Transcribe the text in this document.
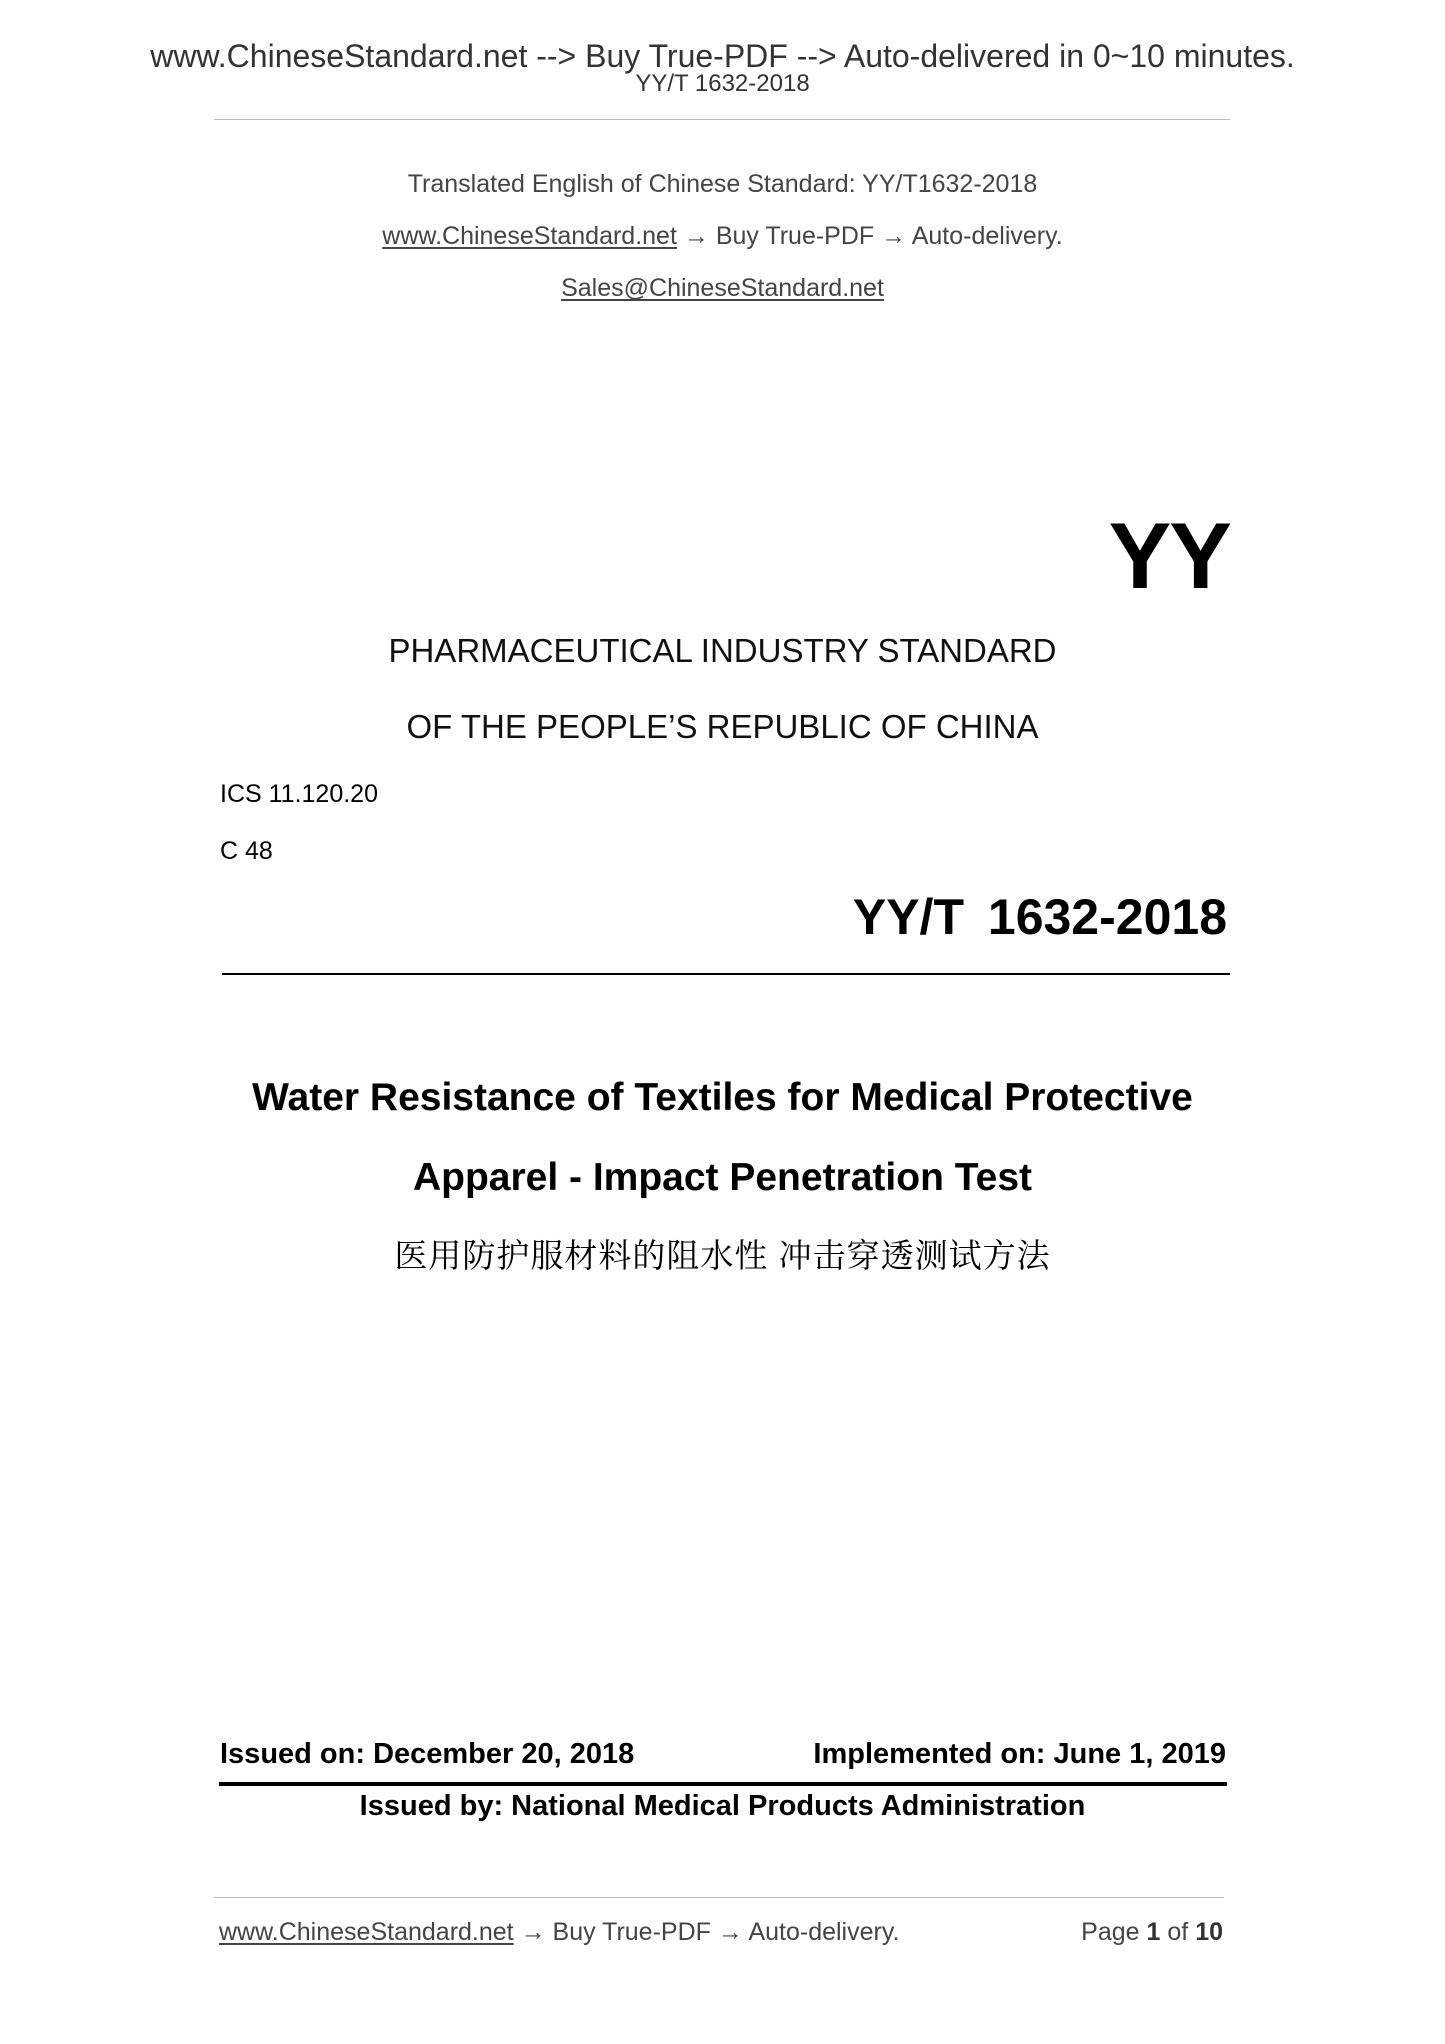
www.ChineseStandard.net --> Buy True-PDF --> Auto-delivered in 0~10 minutes.
YY/T 1632-2018
Translated English of Chinese Standard: YY/T1632-2018
www.ChineseStandard.net → Buy True-PDF → Auto-delivery.
Sales@ChineseStandard.net
YY
PHARMACEUTICAL INDUSTRY STANDARD
OF THE PEOPLE’S REPUBLIC OF CHINA
ICS 11.120.20
C 48
YY/T 1632-2018
Water Resistance of Textiles for Medical Protective
Apparel - Impact Penetration Test
医用防护服材料的阻水性 冲击穿透测试方法
Issued on: December 20, 2018	Implemented on: June 1, 2019
Issued by: National Medical Products Administration
www.ChineseStandard.net → Buy True-PDF → Auto-delivery.	Page 1 of 10
